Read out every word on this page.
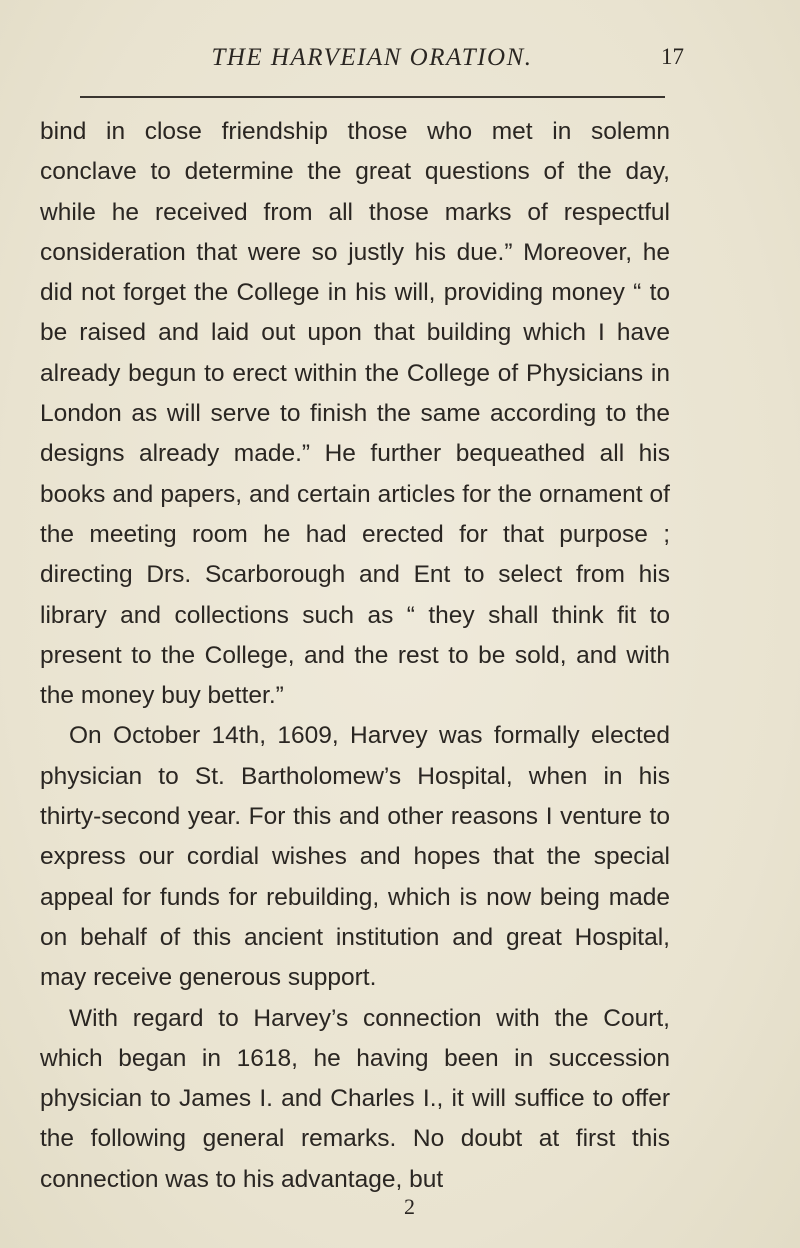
THE HARVEIAN ORATION.	17

bind in close friendship those who met in solemn conclave to determine the great questions of the day, while he received from all those marks of respectful consideration that were so justly his due.” Moreover, he did not forget the College in his will, providing money “ to be raised and laid out upon that building which I have already begun to erect within the College of Physicians in London as will serve to finish the same according to the designs already made.” He further bequeathed all his books and papers, and certain articles for the ornament of the meeting room he had erected for that purpose ; directing Drs. Scarborough and Ent to select from his library and collections such as “ they shall think fit to present to the College, and the rest to be sold, and with the money buy better.”

On October 14th, 1609, Harvey was formally elected physician to St. Bartholomew’s Hospital, when in his thirty-second year. For this and other reasons I venture to express our cordial wishes and hopes that the special appeal for funds for rebuilding, which is now being made on behalf of this ancient institution and great Hospital, may receive generous support.

With regard to Harvey’s connection with the Court, which began in 1618, he having been in succession physician to James I. and Charles I., it will suffice to offer the following general remarks. No doubt at first this connection was to his advantage, but

2
